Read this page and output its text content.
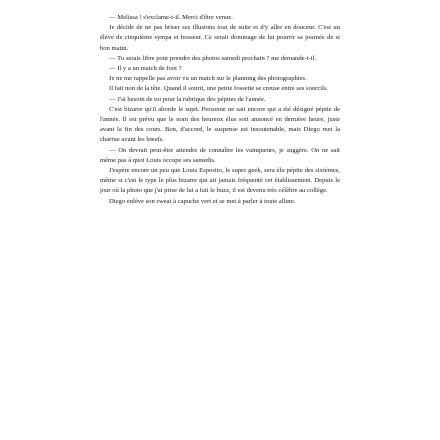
— Melissa ! s'exclame-t-il. Merci d'être venue.

Je décide de ne pas briser ses illusions tout de suite et d'y aller en douceur. C'est un élève de cinquième sympa et bosseur. Ce serait dommage de lui pourrir sa journée de si bon matin.

— Tu serais libre pour prendre des photos samedi prochain ? me demande-t-il.

— Il y a un match de foot ?

Je ne me rappelle pas avoir vu un match sur le planning des photographies.

Il fait non de la tête. Quand il sourit, une petite fossette se creuse entre ses sourcils.

— J'ai besoin de toi pour la rubrique des pépites de l'année.

C'est bizarre qu'il aborde le sujet. Personne ne sait encore qui a été désigné pépite de l'année. Il est prévu que le nom des heureux élus soit annoncé en dernière heure, juste avant la fin des cours. Bon, d'accord, le suspense est insoutenable, mais Diego met la charrue avant les bœufs.

— On devrait peut-être attendre de connaître les vainqueurs, je suggère. On ne sait même pas à quoi Louis occupe ses samedis.

J'espère encore un peu que Louis Esposito, le super geek, sera élu pépite des sixièmes, même si c'est le type le plus bizarre qui ait jamais fréquenté cet établissement. Depuis le jour où la photo que j'ai prise de lui a fait le buzz, il est devenu très célèbre au collège.

Diego enlève son sweat à capuche vert et se met à parler à toute allure.
